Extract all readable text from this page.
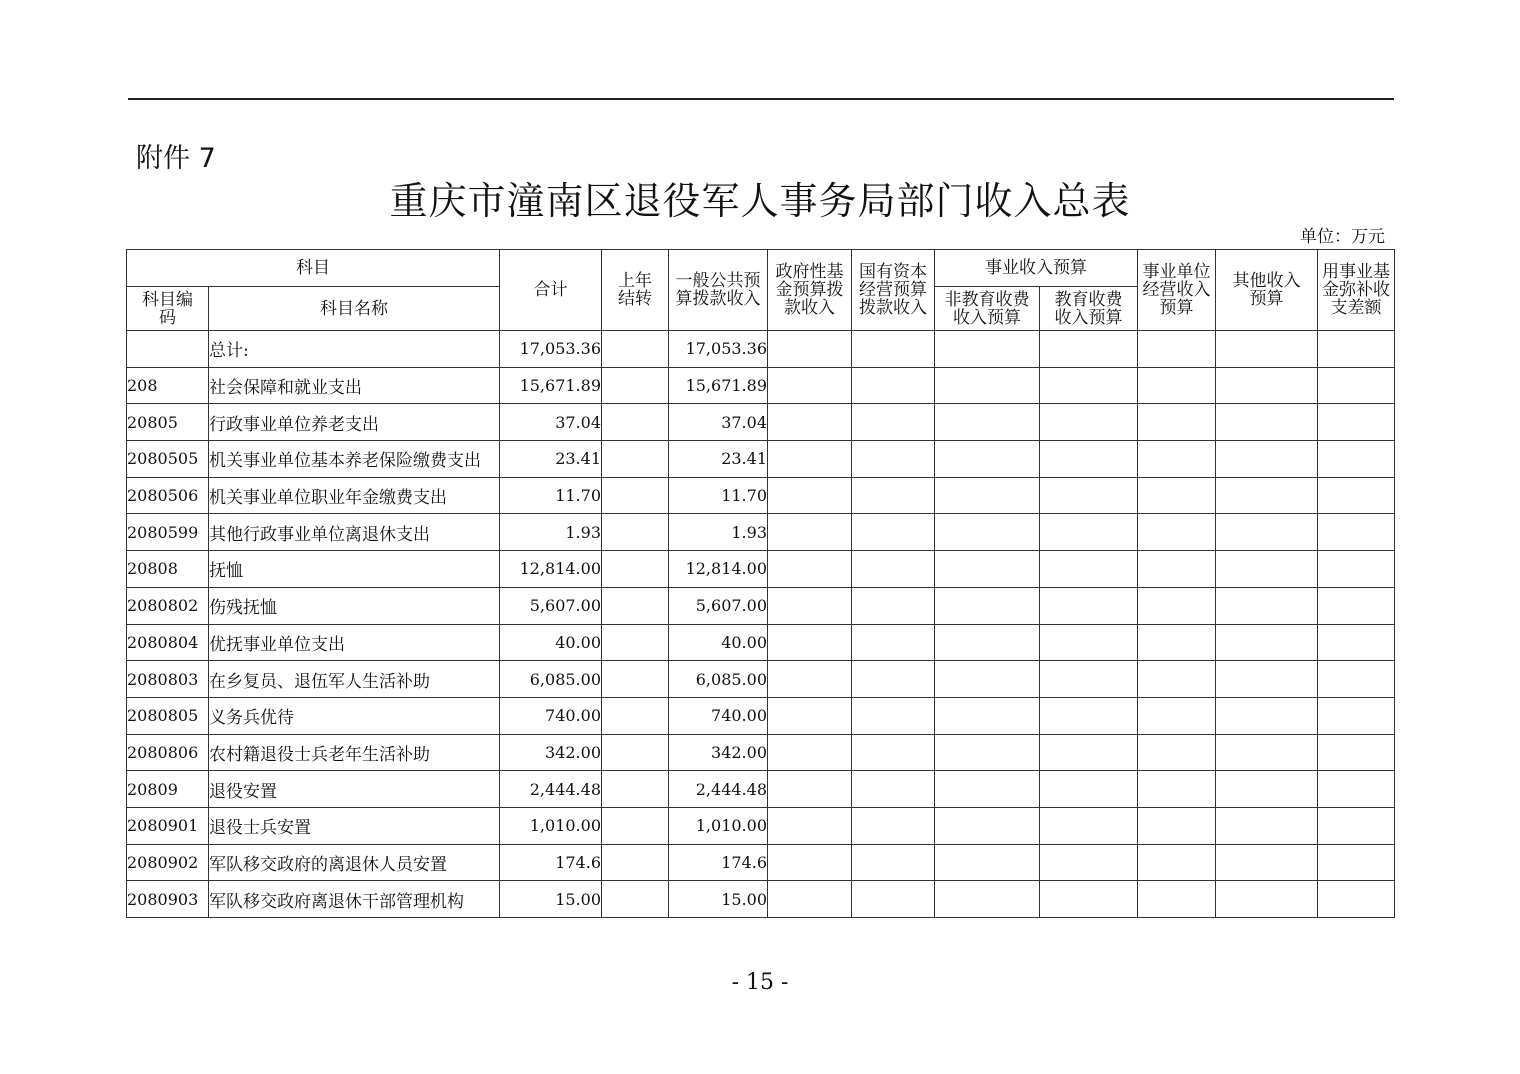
附件 7
重庆市潼南区退役军人事务局部门收入总表
单位：万元
科目		合计	上年结转	一般公共预算拨款收入	政府性基金预算拨款收入	国有资本经营预算拨款收入	事业收入预算		事业单位经营收入预算	其他收入预算	用事业基金弥补收支差额

科目编码	科目名称						非教育收费收入预算	教育收费收入预算			

	总计:	17,053.36		17,053.36							
208	社会保障和就业支出	15,671.89		15,671.89							
20805	行政事业单位养老支出	37.04		37.04							
2080505	机关事业单位基本养老保险缴费支出	23.41		23.41							
2080506	机关事业单位职业年金缴费支出	11.70		11.70							
2080599	其他行政事业单位离退休支出	1.93		1.93							
20808	抚恤	12,814.00		12,814.00							
2080802	伤残抚恤	5,607.00		5,607.00							
2080804	优抚事业单位支出	40.00		40.00							
2080803	在乡复员、退伍军人生活补助	6,085.00		6,085.00							
2080805	义务兵优待	740.00		740.00							
2080806	农村籍退役士兵老年生活补助	342.00		342.00							
20809	退役安置	2,444.48		2,444.48							
2080901	退役士兵安置	1,010.00		1,010.00							
2080902	军队移交政府的离退休人员安置	174.6		174.6							
2080903	军队移交政府离退休干部管理机构	15.00		15.00							
- 15 -
